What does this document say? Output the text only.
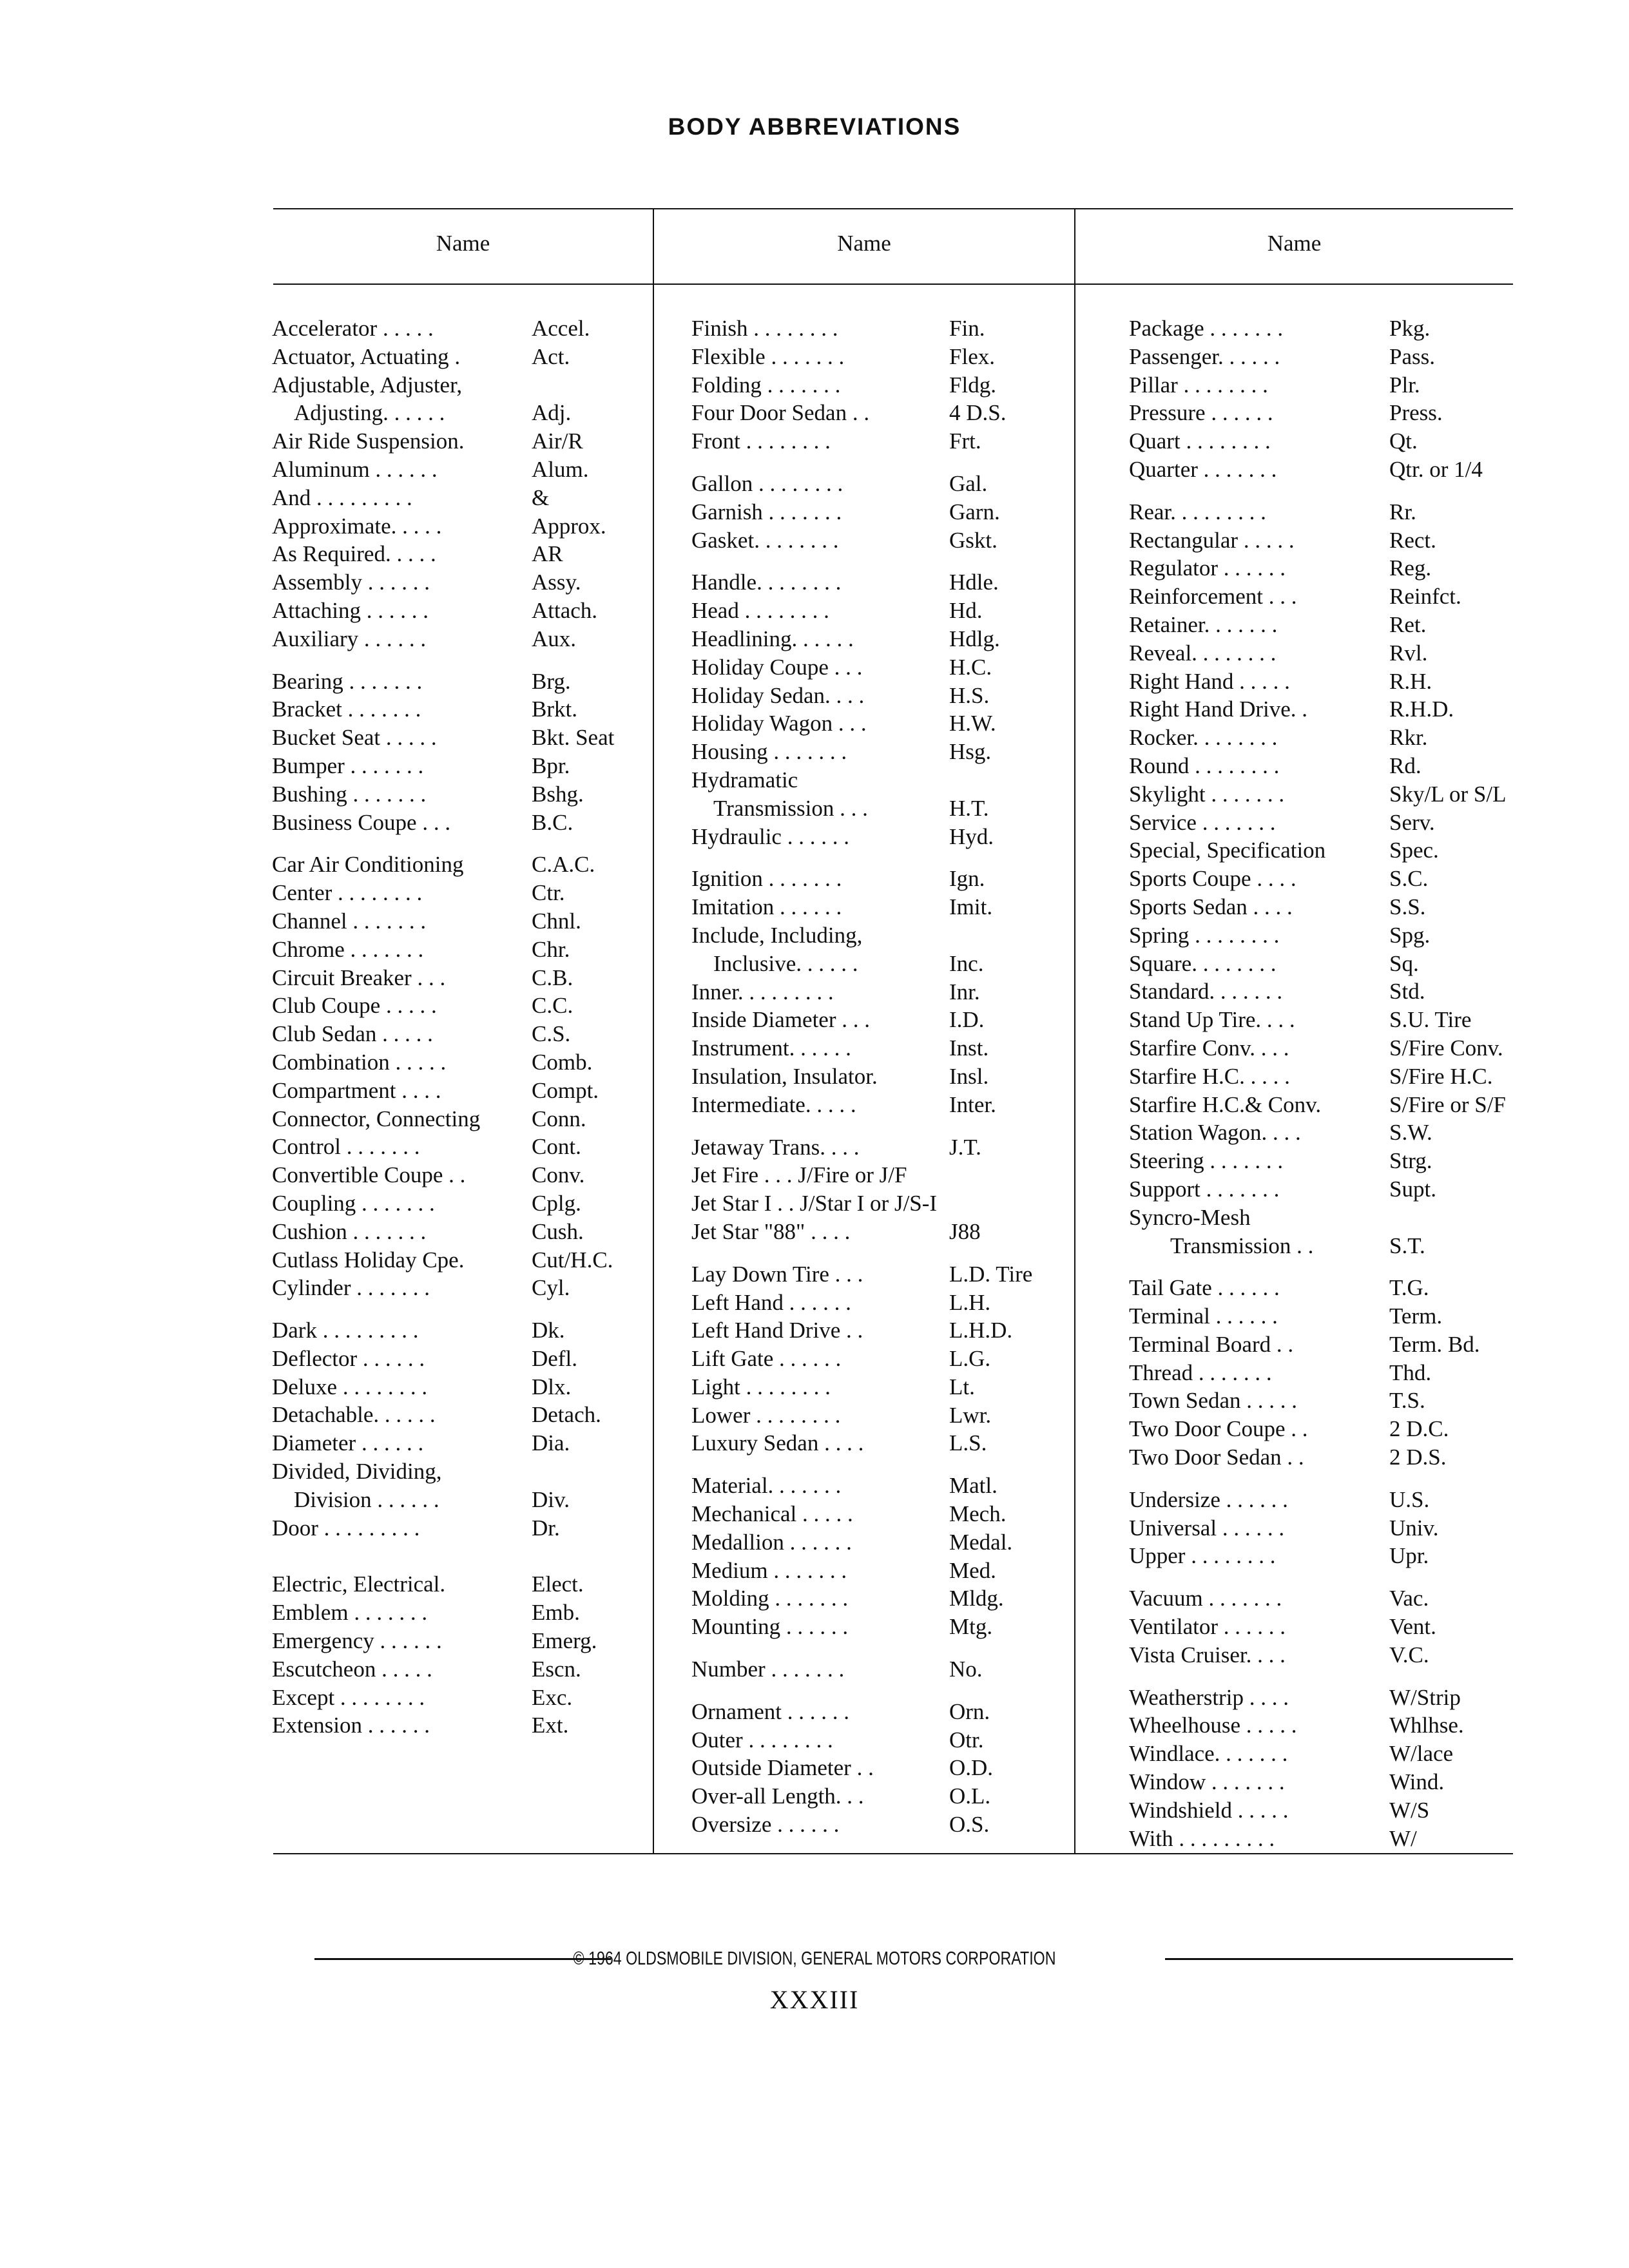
BODY ABBREVIATIONS
Name	Name	Name
Accelerator . . . . .	Accel.
Actuator, Actuating .	Act.
Adjustable, Adjuster,
Adjusting. . . . . .	Adj.
Air Ride Suspension.	Air/R
Aluminum . . . . . .	Alum.
And . . . . . . . . .	&
Approximate. . . . .	Approx.
As Required. . . . .	AR
Assembly . . . . . .	Assy.
Attaching . . . . . .	Attach.
Auxiliary . . . . . .	Aux.
Bearing . . . . . . .	Brg.
Bracket . . . . . . .	Brkt.
Bucket Seat . . . . .	Bkt. Seat
Bumper . . . . . . .	Bpr.
Bushing . . . . . . .	Bshg.
Business Coupe . . .	B.C.
Car Air Conditioning	C.A.C.
Center . . . . . . . .	Ctr.
Channel . . . . . . .	Chnl.
Chrome . . . . . . .	Chr.
Circuit Breaker . . .	C.B.
Club Coupe . . . . .	C.C.
Club Sedan . . . . .	C.S.
Combination . . . . .	Comb.
Compartment . . . .	Compt.
Connector, Connecting Conn.
Control . . . . . . .	Cont.
Convertible Coupe . .	Conv.
Coupling . . . . . . .	Cplg.
Cushion . . . . . . .	Cush.
Cutlass Holiday Cpe.	Cut/H.C.
Cylinder . . . . . . .	Cyl.
Dark . . . . . . . . .	Dk.
Deflector . . . . . .	Defl.
Deluxe . . . . . . . .	Dlx.
Detachable. . . . . .	Detach.
Diameter . . . . . .	Dia.
Divided, Dividing,
Division . . . . . .	Div.
Door . . . . . . . . .	Dr.
Electric, Electrical.	Elect.
Emblem . . . . . . .	Emb.
Emergency . . . . . .	Emerg.
Escutcheon . . . . .	Escn.
Except . . . . . . . .	Exc.
Extension . . . . . .	Ext.
Finish . . . . . . . .	Fin.
Flexible . . . . . . .	Flex.
Folding . . . . . . .	Fldg.
Four Door Sedan . .	4 D.S.
Front . . . . . . . .	Frt.
Gallon . . . . . . . .	Gal.
Garnish . . . . . . .	Garn.
Gasket. . . . . . . .	Gskt.
Handle. . . . . . . .	Hdle.
Head . . . . . . . .	Hd.
Headlining. . . . . .	Hdlg.
Holiday Coupe . . .	H.C.
Holiday Sedan. . . .	H.S.
Holiday Wagon . . .	H.W.
Housing . . . . . . .	Hsg.
Hydramatic
Transmission . . .	H.T.
Hydraulic . . . . . .	Hyd.
Ignition . . . . . . .	Ign.
Imitation . . . . . .	Imit.
Include, Including,
Inclusive. . . . . .	Inc.
Inner. . . . . . . . .	Inr.
Inside Diameter . . .	I.D.
Instrument. . . . . .	Inst.
Insulation, Insulator.	Insl.
Intermediate. . . . .	Inter.
Jetaway Trans. . . .	J.T.
Jet Fire . . . J/Fire or J/F
Jet Star I . . J/Star I or J/S-I
Jet Star "88" . . . .	J88
Lay Down Tire . . .	L.D. Tire
Left Hand . . . . . .	L.H.
Left Hand Drive . .	L.H.D.
Lift Gate . . . . . .	L.G.
Light . . . . . . . .	Lt.
Lower . . . . . . . .	Lwr.
Luxury Sedan . . . .	L.S.
Material. . . . . . .	Matl.
Mechanical . . . . .	Mech.
Medallion . . . . . .	Medal.
Medium . . . . . . .	Med.
Molding . . . . . . .	Mldg.
Mounting . . . . . .	Mtg.
Number . . . . . . .	No.
Ornament . . . . . .	Orn.
Outer . . . . . . . .	Otr.
Outside Diameter . .	O.D.
Over-all Length. . .	O.L.
Oversize . . . . . .	O.S.
Package . . . . . . .	Pkg.
Passenger. . . . . .	Pass.
Pillar . . . . . . . .	Plr.
Pressure . . . . . .	Press.
Quart . . . . . . . .	Qt.
Quarter . . . . . . .	Qtr. or 1/4
Rear. . . . . . . . .	Rr.
Rectangular . . . . .	Rect.
Regulator . . . . . .	Reg.
Reinforcement . . .	Reinfct.
Retainer. . . . . . .	Ret.
Reveal. . . . . . . .	Rvl.
Right Hand . . . . .	R.H.
Right Hand Drive. .	R.H.D.
Rocker. . . . . . . .	Rkr.
Round . . . . . . . .	Rd.
Skylight . . . . . . .	Sky/L or S/L
Service . . . . . . .	Serv.
Special, Specification	Spec.
Sports Coupe . . . .	S.C.
Sports Sedan . . . .	S.S.
Spring . . . . . . . .	Spg.
Square. . . . . . . .	Sq.
Standard. . . . . . .	Std.
Stand Up Tire. . . .	S.U. Tire
Starfire Conv. . . .	S/Fire Conv.
Starfire H.C. . . . .	S/Fire H.C.
Starfire H.C.& Conv.	S/Fire or S/F
Station Wagon. . . .	S.W.
Steering . . . . . . .	Strg.
Support . . . . . . .	Supt.
Syncro-Mesh
Transmission . .	S.T.
Tail Gate . . . . . .	T.G.
Terminal . . . . . .	Term.
Terminal Board . .	Term. Bd.
Thread . . . . . . .	Thd.
Town Sedan . . . . .	T.S.
Two Door Coupe . .	2 D.C.
Two Door Sedan . .	2 D.S.
Undersize . . . . . .	U.S.
Universal . . . . . .	Univ.
Upper . . . . . . . .	Upr.
Vacuum . . . . . . .	Vac.
Ventilator . . . . . .	Vent.
Vista Cruiser. . . .	V.C.
Weatherstrip . . . .	W/Strip
Wheelhouse . . . . .	Whlhse.
Windlace. . . . . . .	W/lace
Window . . . . . . .	Wind.
Windshield . . . . .	W/S
With . . . . . . . . .	W/
© 1964 OLDSMOBILE DIVISION, GENERAL MOTORS CORPORATION
XXXIII
